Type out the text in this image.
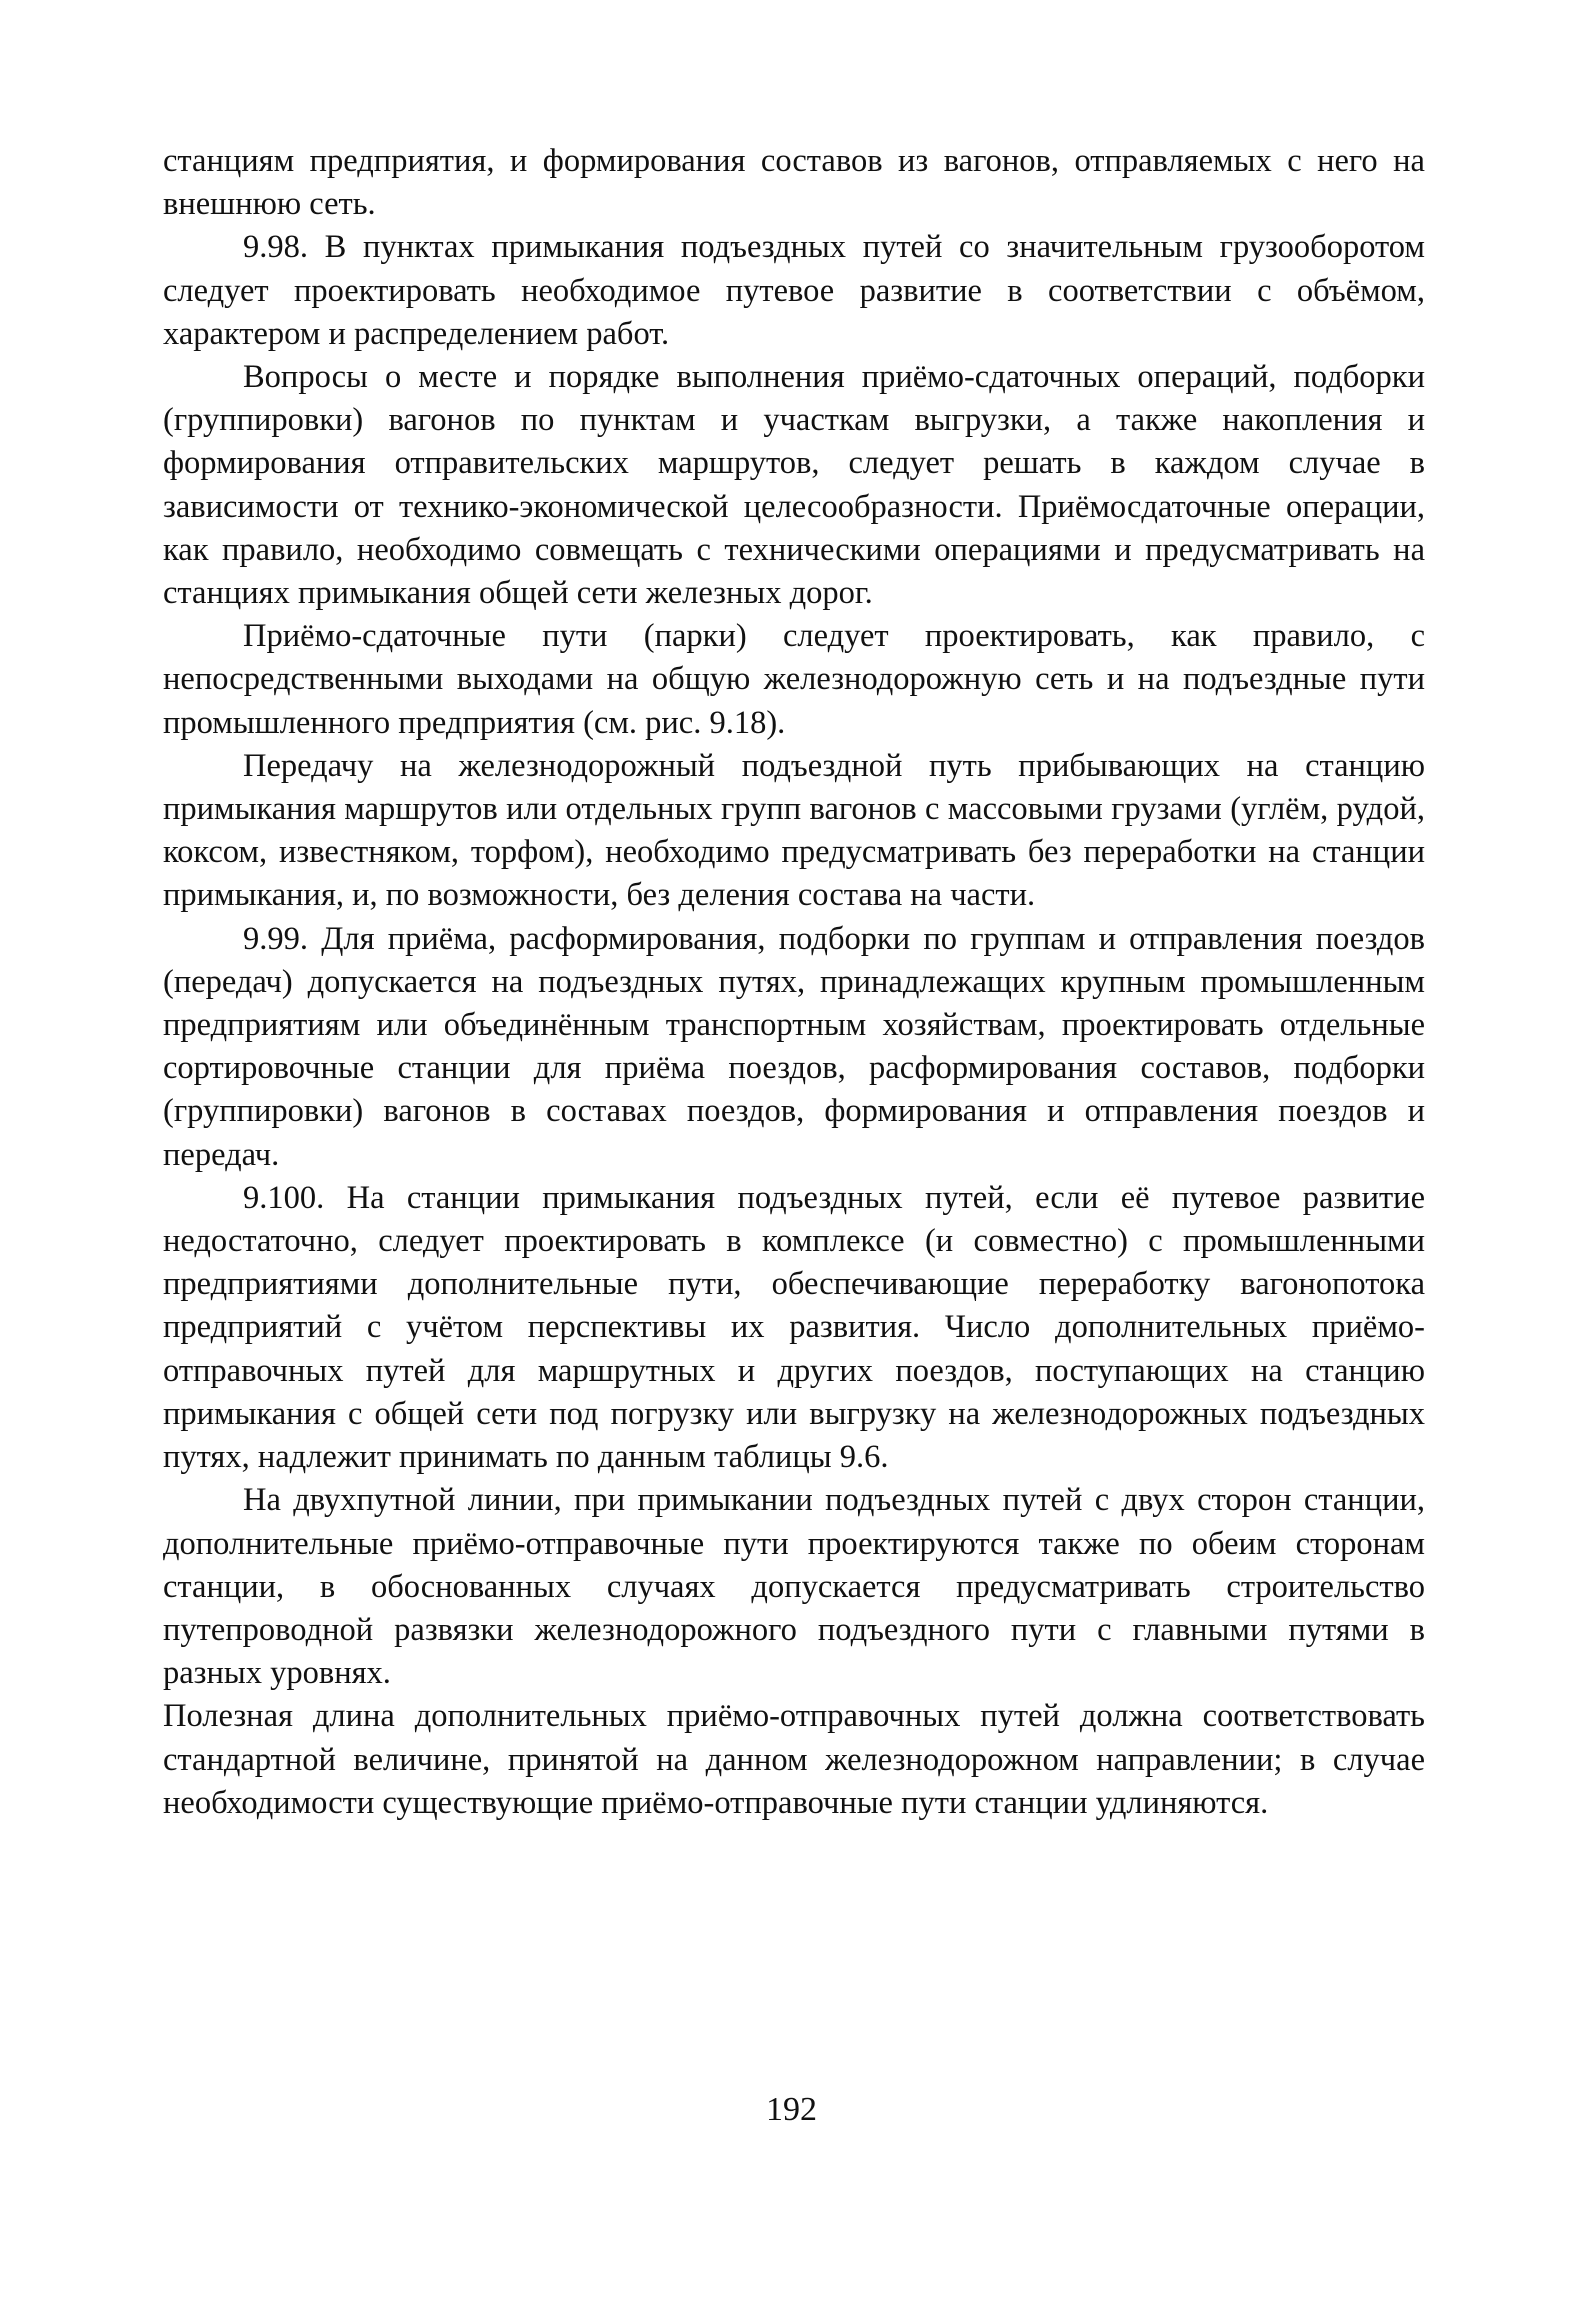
станциям предприятия, и формирования составов из вагонов, отправляемых с него на внешнюю сеть.

9.98. В пунктах примыкания подъездных путей со значительным грузооборотом следует проектировать необходимое путевое развитие в соответствии с объёмом, характером и распределением работ.

Вопросы о месте и порядке выполнения приёмо-сдаточных операций, подборки (группировки) вагонов по пунктам и участкам выгрузки, а также накопления и формирования отправительских маршрутов, следует решать в каждом случае в зависимости от технико-экономической целесообразности. Приёмосдаточные операции, как правило, необходимо совмещать с техническими операциями и предусматривать на станциях примыкания общей сети железных дорог.

Приёмо-сдаточные пути (парки) следует проектировать, как правило, с непосредственными выходами на общую железнодорожную сеть и на подъездные пути промышленного предприятия (см. рис. 9.18).

Передачу на железнодорожный подъездной путь прибывающих на станцию примыкания маршрутов или отдельных групп вагонов с массовыми грузами (углём, рудой, коксом, известняком, торфом), необходимо предусматривать без переработки на станции примыкания, и, по возможности, без деления состава на части.

9.99. Для приёма, расформирования, подборки по группам и отправления поездов (передач) допускается на подъездных путях, принадлежащих крупным промышленным предприятиям или объединённым транспортным хозяйствам, проектировать отдельные сортировочные станции для приёма поездов, расформирования составов, подборки (группировки) вагонов в составах поездов, формирования и отправления поездов и передач.

9.100. На станции примыкания подъездных путей, если её путевое развитие недостаточно, следует проектировать в комплексе (и совместно) с промышленными предприятиями дополнительные пути, обеспечивающие переработку вагонопотока предприятий с учётом перспективы их развития. Число дополнительных приёмо-отправочных путей для маршрутных и других поездов, поступающих на станцию примыкания с общей сети под погрузку или выгрузку на железнодорожных подъездных путях, надлежит принимать по данным таблицы 9.6.

На двухпутной линии, при примыкании подъездных путей с двух сторон станции, дополнительные приёмо-отправочные пути проектируются также по обеим сторонам станции, в обоснованных случаях допускается предусматривать строительство путепроводной развязки железнодорожного подъездного пути с главными путями в разных уровнях.

Полезная длина дополнительных приёмо-отправочных путей должна соответствовать стандартной величине, принятой на данном железнодорожном направлении; в случае необходимости существующие приёмо-отправочные пути станции удлиняются.

192
